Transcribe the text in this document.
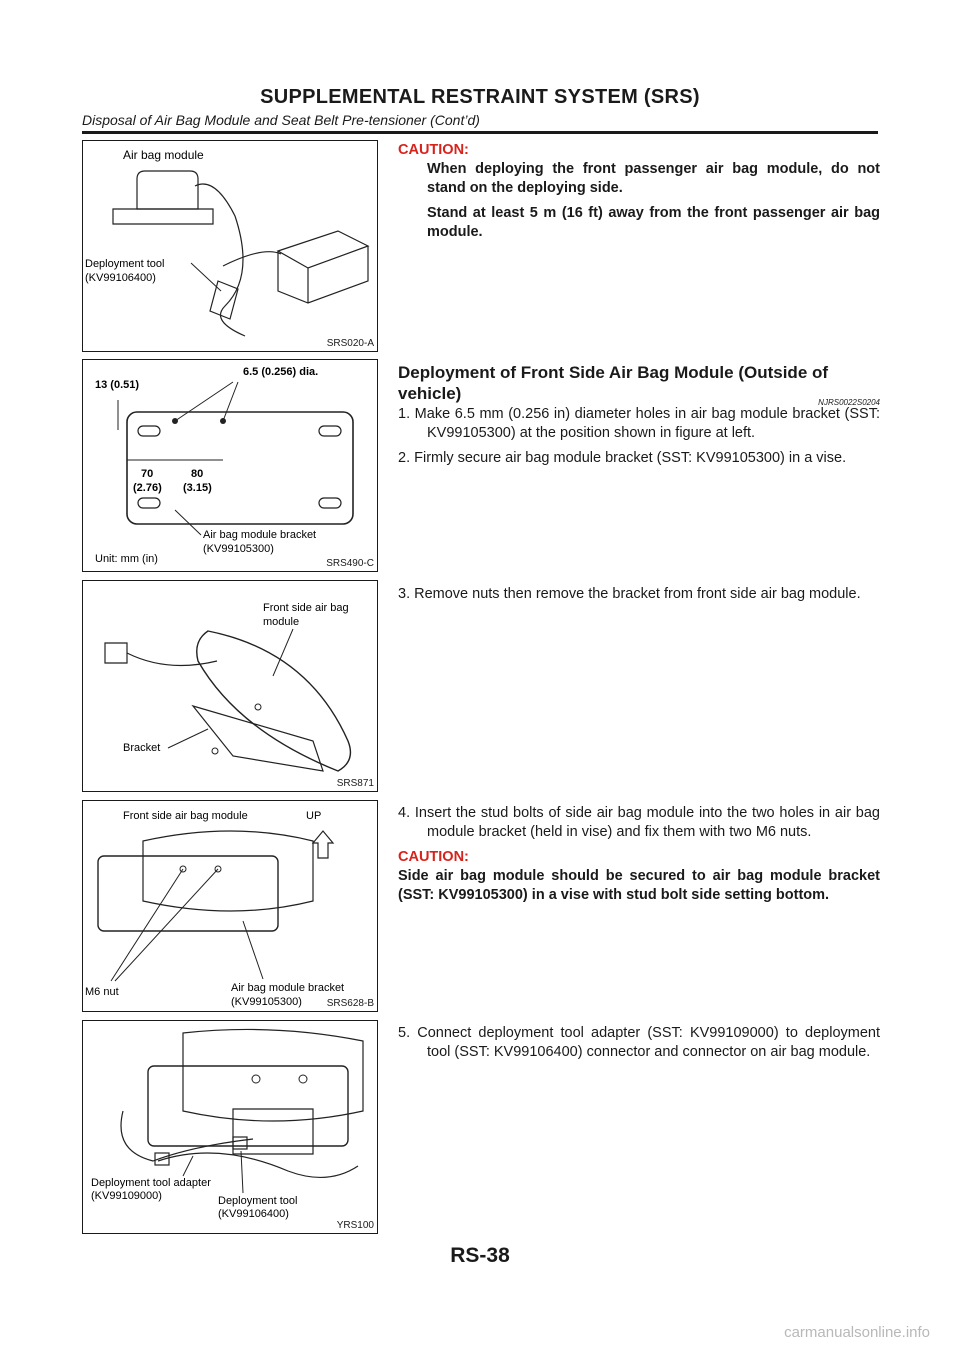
SUPPLEMENTAL RESTRAINT SYSTEM (SRS)
Disposal of Air Bag Module and Seat Belt Pre-tensioner (Cont’d)
Air bag module
Deployment tool
(KV99106400)
SRS020-A
13 (0.51)
6.5 (0.256) dia.
70
(2.76)
80
(3.15)
Air bag module bracket
(KV99105300)
Unit: mm (in)	SRS490-C
Front side air bag
module
Bracket
SRS871
Front side air bag module	UP
M6 nut	Air bag module bracket
(KV99105300) SRS628-B
Deployment tool adapter
(KV99109000)	Deployment tool
(KV99106400)
YRS100
CAUTION:

When deploying the front passenger air bag module, do not stand on the deploying side.

Stand at least 5 m (16 ft) away from the front passenger air bag module.

Deployment of Front Side Air Bag Module (Outside of vehicle)	NJRS0022S0204

1. Make 6.5 mm (0.256 in) diameter holes in air bag module bracket (SST: KV99105300) at the position shown in figure at left.

2. Firmly secure air bag module bracket (SST: KV99105300) in a vise.

3. Remove nuts then remove the bracket from front side air bag module.

4. Insert the stud bolts of side air bag module into the two holes in air bag module bracket (held in vise) and fix them with two M6 nuts.

CAUTION:

Side air bag module should be secured to air bag module bracket (SST: KV99105300) in a vise with stud bolt side setting bottom.

5. Connect deployment tool adapter (SST: KV99109000) to deployment tool (SST: KV99106400) connector and connector on air bag module.

RS-38
carmanualsonline.info
